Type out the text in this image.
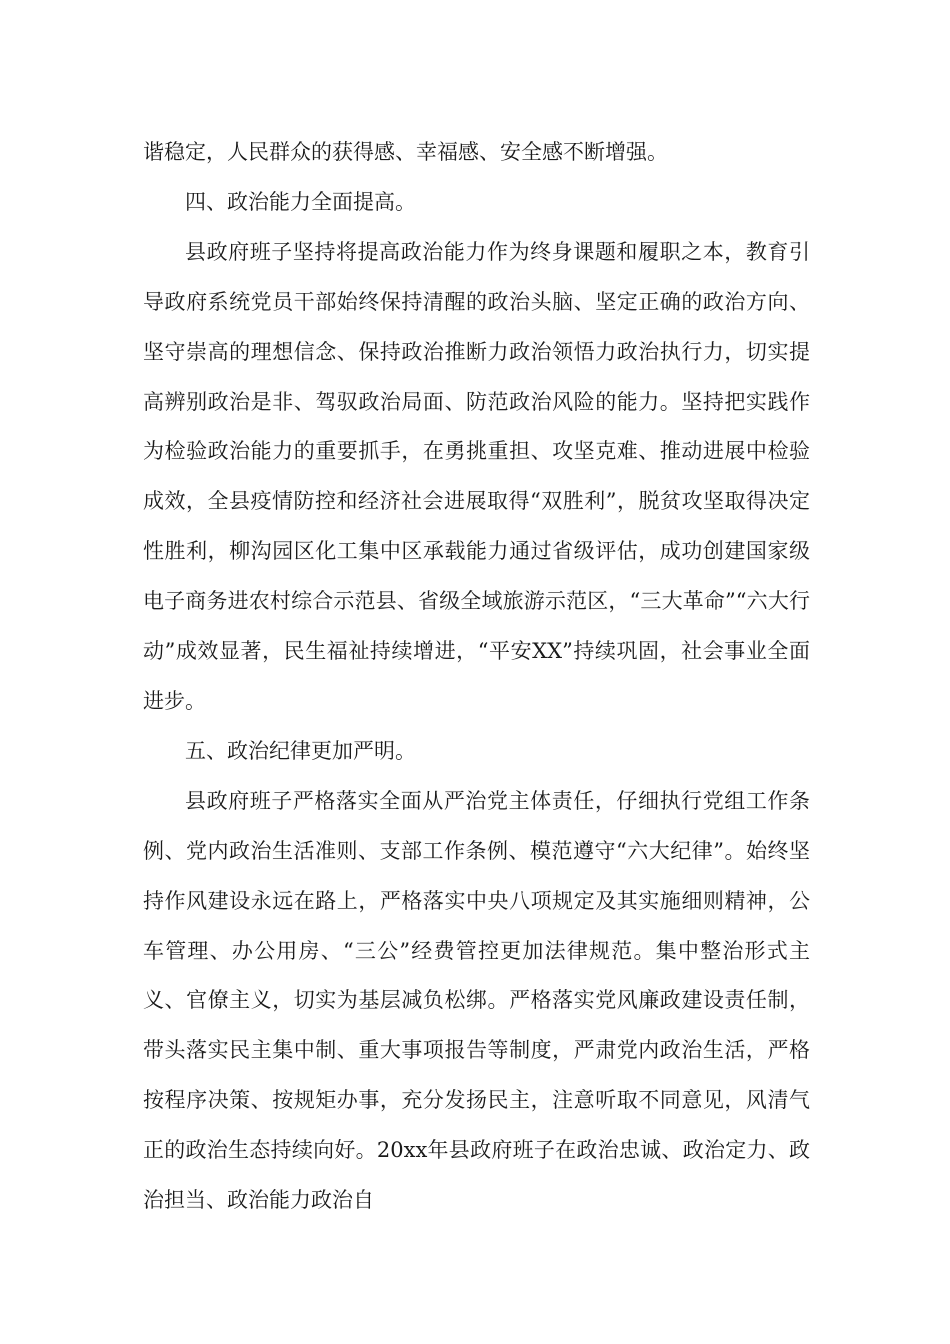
谐稳定，人民群众的获得感、幸福感、安全感不断增强。

四、政治能力全面提高。

县政府班子坚持将提高政治能力作为终身课题和履职之本，教育引导政府系统党员干部始终保持清醒的政治头脑、坚定正确的政治方向、坚守崇高的理想信念、保持政治推断力政治领悟力政治执行力，切实提高辨别政治是非、驾驭政治局面、防范政治风险的能力。坚持把实践作为检验政治能力的重要抓手，在勇挑重担、攻坚克难、推动进展中检验成效，全县疫情防控和经济社会进展取得“双胜利”，脱贫攻坚取得决定性胜利，柳沟园区化工集中区承载能力通过省级评估，成功创建国家级电子商务进农村综合示范县、省级全域旅游示范区，“三大革命”“六大行动”成效显著，民生福祉持续增进，“平安XX”持续巩固，社会事业全面进步。

五、政治纪律更加严明。

县政府班子严格落实全面从严治党主体责任，仔细执行党组工作条例、党内政治生活准则、支部工作条例、模范遵守“六大纪律”。始终坚持作风建设永远在路上，严格落实中央八项规定及其实施细则精神，公车管理、办公用房、“三公”经费管控更加法律规范。集中整治形式主义、官僚主义，切实为基层减负松绑。严格落实党风廉政建设责任制，带头落实民主集中制、重大事项报告等制度，严肃党内政治生活，严格按程序决策、按规矩办事，充分发扬民主，注意听取不同意见，风清气正的政治生态持续向好。20xx年县政府班子在政治忠诚、政治定力、政治担当、政治能力政治自
